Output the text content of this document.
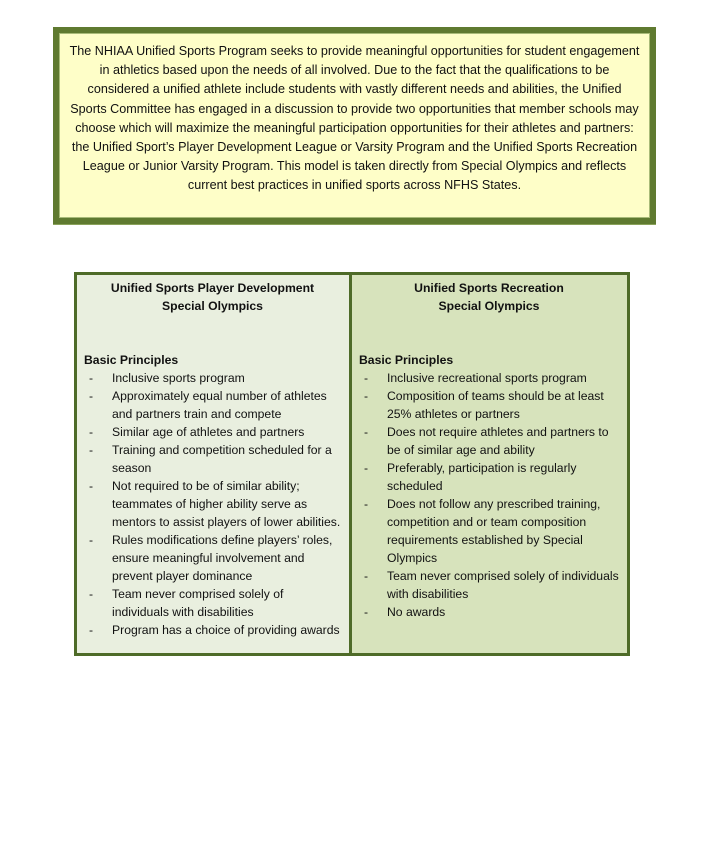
The NHIAA Unified Sports Program seeks to provide meaningful opportunities for student engagement in athletics based upon the needs of all involved. Due to the fact that the qualifications to be considered a unified athlete include students with vastly different needs and abilities, the Unified Sports Committee has engaged in a discussion to provide two opportunities that member schools may choose which will maximize the meaningful participation opportunities for their athletes and partners: the Unified Sport’s Player Development League or Varsity Program and the Unified Sports Recreation League or Junior Varsity Program. This model is taken directly from Special Olympics and reflects current best practices in unified sports across NFHS States.
Unified Sports Player Development
Special Olympics
Basic Principles
- Inclusive sports program
- Approximately equal number of athletes and partners train and compete
- Similar age of athletes and partners
- Training and competition scheduled for a season
- Not required to be of similar ability; teammates of higher ability serve as mentors to assist players of lower abilities.
- Rules modifications define players’ roles, ensure meaningful involvement and prevent player dominance
- Team never comprised solely of individuals with disabilities
- Program has a choice of providing awards
Unified Sports Recreation
Special Olympics
Basic Principles
- Inclusive recreational sports program
- Composition of teams should be at least 25% athletes or partners
- Does not require athletes and partners to be of similar age and ability
- Preferably, participation is regularly scheduled
- Does not follow any prescribed training, competition and or team composition requirements established by Special Olympics
- Team never comprised solely of individuals with disabilities
- No awards
